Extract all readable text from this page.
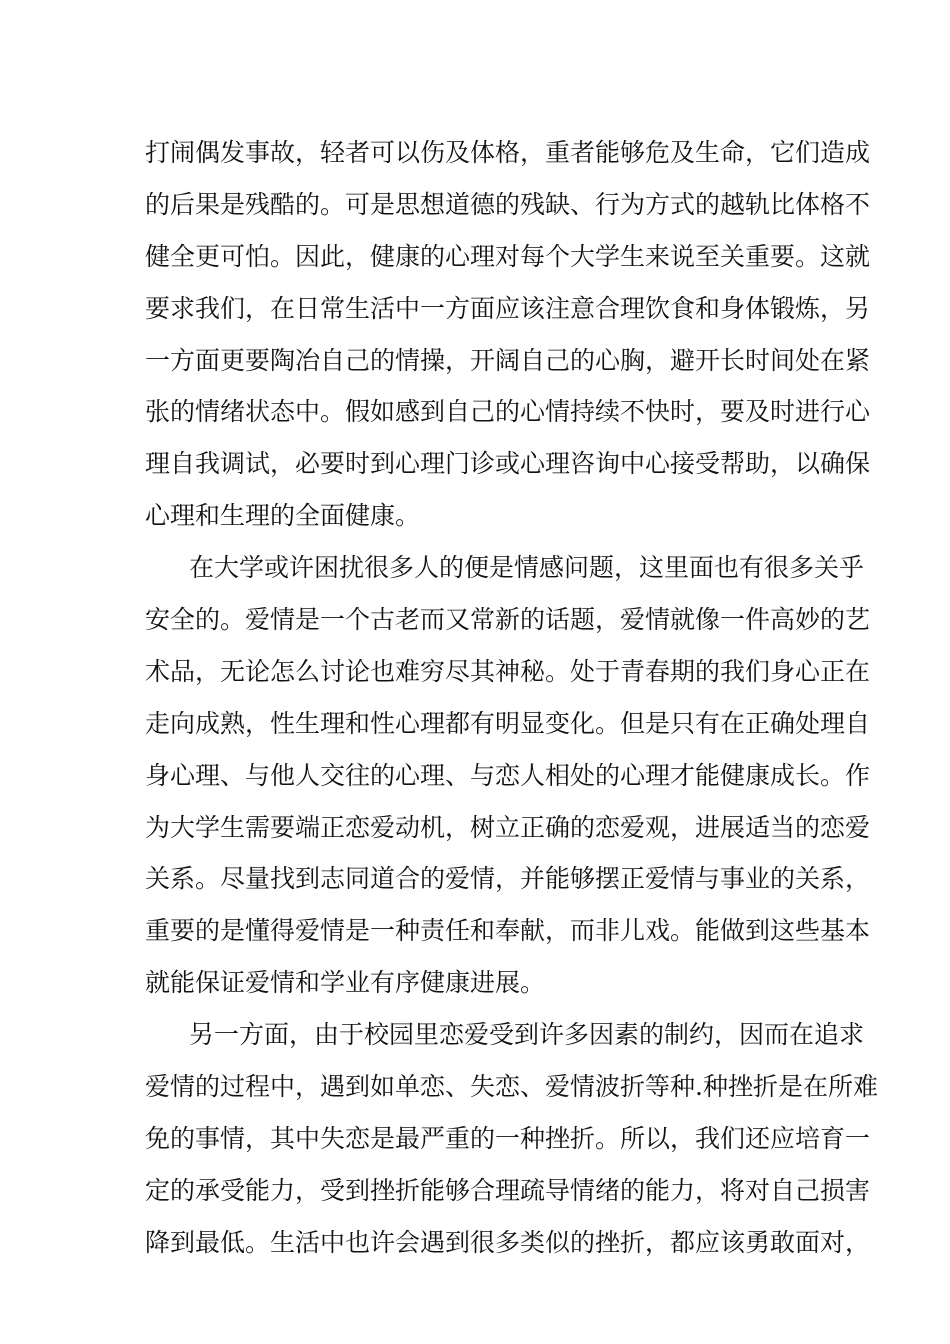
打闹偶发事故，轻者可以伤及体格，重者能够危及生命，它们造成
的后果是残酷的。可是思想道德的残缺、行为方式的越轨比体格不
健全更可怕。因此，健康的心理对每个大学生来说至关重要。这就
要求我们，在日常生活中一方面应该注意合理饮食和身体锻炼，另
一方面更要陶冶自己的情操，开阔自己的心胸，避开长时间处在紧
张的情绪状态中。假如感到自己的心情持续不快时，要及时进行心
理自我调试，必要时到心理门诊或心理咨询中心接受帮助，以确保
心理和生理的全面健康。
在大学或许困扰很多人的便是情感问题，这里面也有很多关乎
安全的。爱情是一个古老而又常新的话题，爱情就像一件高妙的艺
术品，无论怎么讨论也难穷尽其神秘。处于青春期的我们身心正在
走向成熟，性生理和性心理都有明显变化。但是只有在正确处理自
身心理、与他人交往的心理、与恋人相处的心理才能健康成长。作
为大学生需要端正恋爱动机，树立正确的恋爱观，进展适当的恋爱
关系。尽量找到志同道合的爱情，并能够摆正爱情与事业的关系，
重要的是懂得爱情是一种责任和奉献，而非儿戏。能做到这些基本
就能保证爱情和学业有序健康进展。
另一方面，由于校园里恋爱受到许多因素的制约，因而在追求
爱情的过程中，遇到如单恋、失恋、爱情波折等种.种挫折是在所难
免的事情，其中失恋是最严重的一种挫折。所以，我们还应培育一
定的承受能力，受到挫折能够合理疏导情绪的能力，将对自己损害
降到最低。生活中也许会遇到很多类似的挫折，都应该勇敢面对，
